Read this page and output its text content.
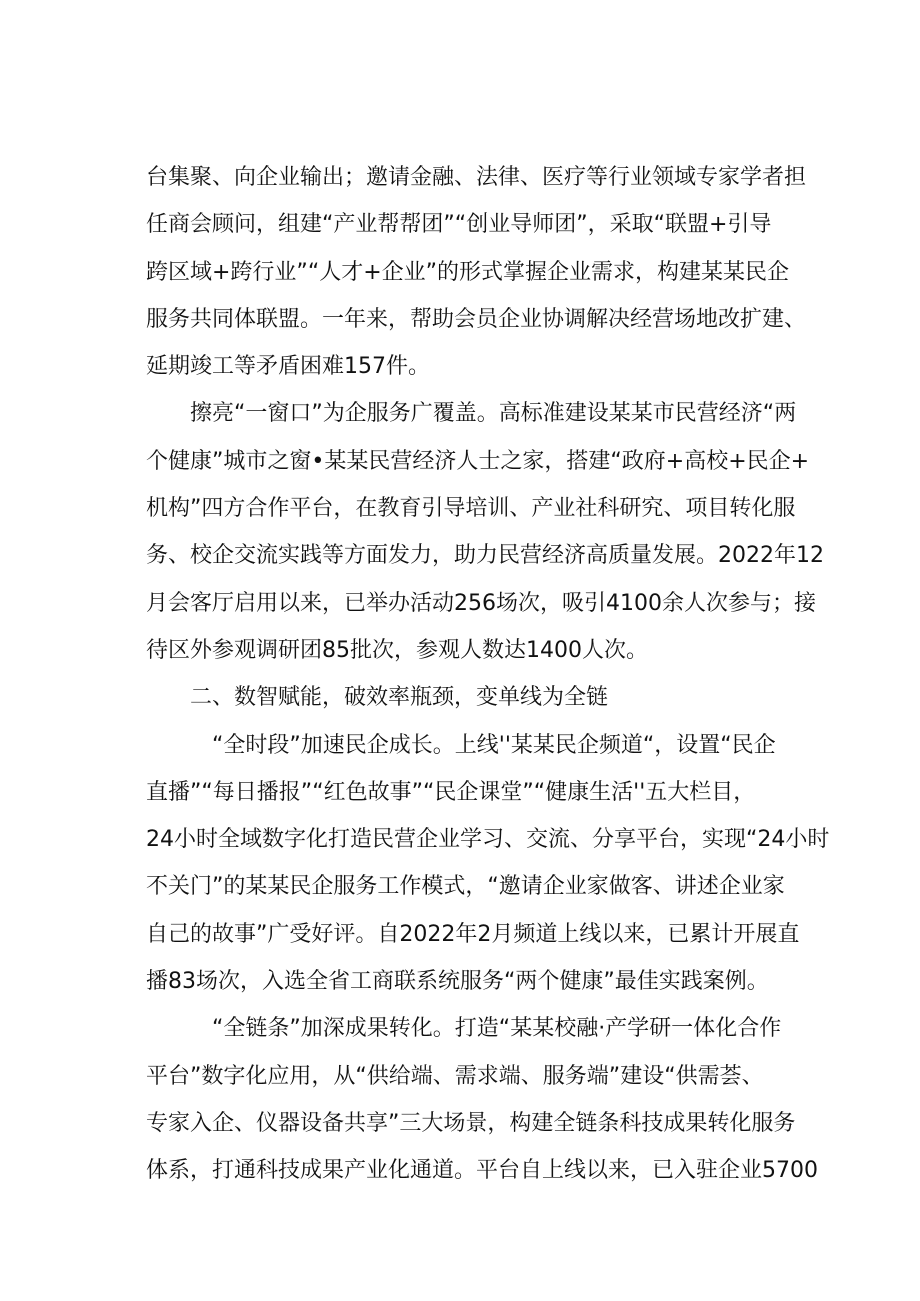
台集聚、向企业输出；邀请金融、法律、医疗等行业领域专家学者担
任商会顾问，组建“产业帮帮团”“创业导师团”，采取“联盟+引导
跨区域+跨行业”“人才+企业”的形式掌握企业需求，构建某某民企
服务共同体联盟。一年来，帮助会员企业协调解决经营场地改扩建、
延期竣工等矛盾困难157件。
　　擦亮“一窗口”为企服务广覆盖。高标准建设某某市民营经济“两
个健康”城市之窗•某某民营经济人士之家，搭建“政府+高校+民企+
机构”四方合作平台，在教育引导培训、产业社科研究、项目转化服
务、校企交流实践等方面发力，助力民营经济高质量发展。2022年12
月会客厅启用以来，已举办活动256场次，吸引4100余人次参与；接
待区外参观调研团85批次，参观人数达1400人次。
　　二、数智赋能，破效率瓶颈，变单线为全链
　　　“全时段”加速民企成长。上线''某某民企频道“，设置“民企
直播”“每日播报”“红色故事”“民企课堂”“健康生活''五大栏目，
24小时全域数字化打造民营企业学习、交流、分享平台，实现“24小时
不关门”的某某民企服务工作模式，“邀请企业家做客、讲述企业家
自己的故事”广受好评。自2022年2月频道上线以来，已累计开展直
播83场次，入选全省工商联系统服务“两个健康”最佳实践案例。
　　　“全链条”加深成果转化。打造“某某校融·产学研一体化合作
平台”数字化应用，从“供给端、需求端、服务端”建设“供需荟、
专家入企、仪器设备共享”三大场景，构建全链条科技成果转化服务
体系，打通科技成果产业化通道。平台自上线以来，已入驻企业5700
